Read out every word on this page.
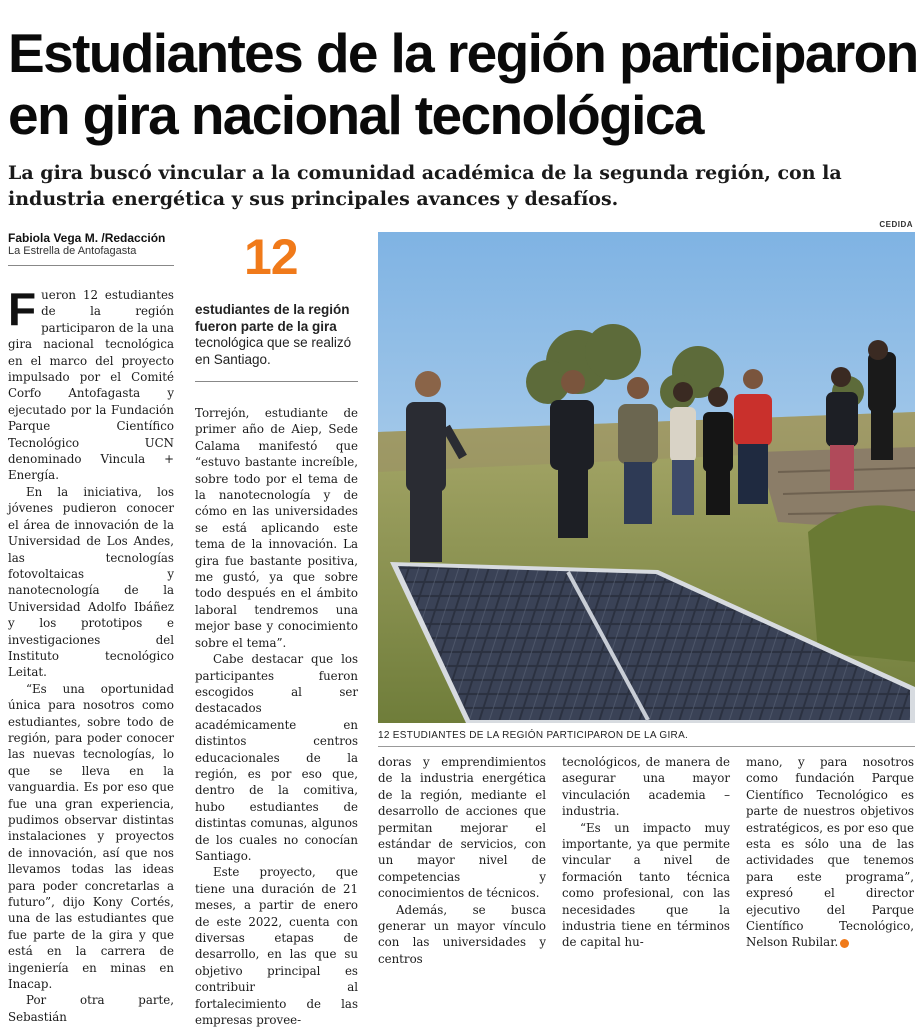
Estudiantes de la región participaron en gira nacional tecnológica

La gira buscó vincular a la comunidad académica de la segunda región, con la industria energética y sus principales avances y desafíos.

Fabiola Vega M. /Redacción
La Estrella de Antofagasta 12

estudiantes de la región fueron parte de la gira tecnológica que se realizó en Santiago.

Fueron 12 estudiantes de la región participaron de la una gira nacional tecnológica en el marco del proyecto impulsado por el Comité Corfo Antofagasta y ejecutado por la Fundación Parque Científico Tecnológico UCN denominado Vincula + Energía.

En la iniciativa, los jóvenes pudieron conocer el área de innovación de la Universidad de Los Andes, las tecnologías fotovoltaicas y nanotecnología de la Universidad Adolfo Ibáñez y los prototipos e investigaciones del Instituto tecnológico Leitat.

“Es una oportunidad única para nosotros como estudiantes, sobre todo de región, para poder conocer las nuevas tecnologías, lo que se lleva en la vanguardia. Es por eso que fue una gran experiencia, pudimos observar distintas instalaciones y proyectos de innovación, así que nos llevamos todas las ideas para poder concretarlas a futuro”, dijo Kony Cortés, una de las estudiantes que fue parte de la gira y que está en la carrera de ingeniería en minas en Inacap.

Por otra parte, Sebastián

Torrejón, estudiante de primer año de Aiep, Sede Calama manifestó que “estuvo bastante increíble, sobre todo por el tema de la nanotecnología y de cómo en las universidades se está aplicando este tema de la innovación. La gira fue bastante positiva, me gustó, ya que sobre todo después en el ámbito laboral tendremos una mejor base y conocimiento sobre el tema”.

Cabe destacar que los participantes fueron escogidos al ser destacados académicamente en distintos centros educacionales de la región, es por eso que, dentro de la comitiva, hubo estudiantes de distintas comunas, algunos de los cuales no conocían Santiago.

Este proyecto, que tiene una duración de 21 meses, a partir de enero de este 2022, cuenta con diversas etapas de desarrollo, en las que su objetivo principal es contribuir al fortalecimiento de las empresas provee-

CEDIDA
12 ESTUDIANTES DE LA REGIÓN PARTICIPARON DE LA GIRA.

doras y emprendimientos de la industria energética de la región, mediante el desarrollo de acciones que permitan mejorar el estándar de servicios, con un mayor nivel de competencias y conocimientos de técnicos.

Además, se busca generar un mayor vínculo con las universidades y centros

tecnológicos, de manera de asegurar una mayor vinculación academia – industria.

“Es un impacto muy importante, ya que permite vincular a nivel de formación tanto técnica como profesional, con las necesidades que la industria tiene en términos de capital hu-

mano, y para nosotros como fundación Parque Científico Tecnológico es parte de nuestros objetivos estratégicos, es por eso que esta es sólo una de las actividades que tenemos para este programa”, expresó el director ejecutivo del Parque Científico Tecnológico, Nelson Rubilar.
